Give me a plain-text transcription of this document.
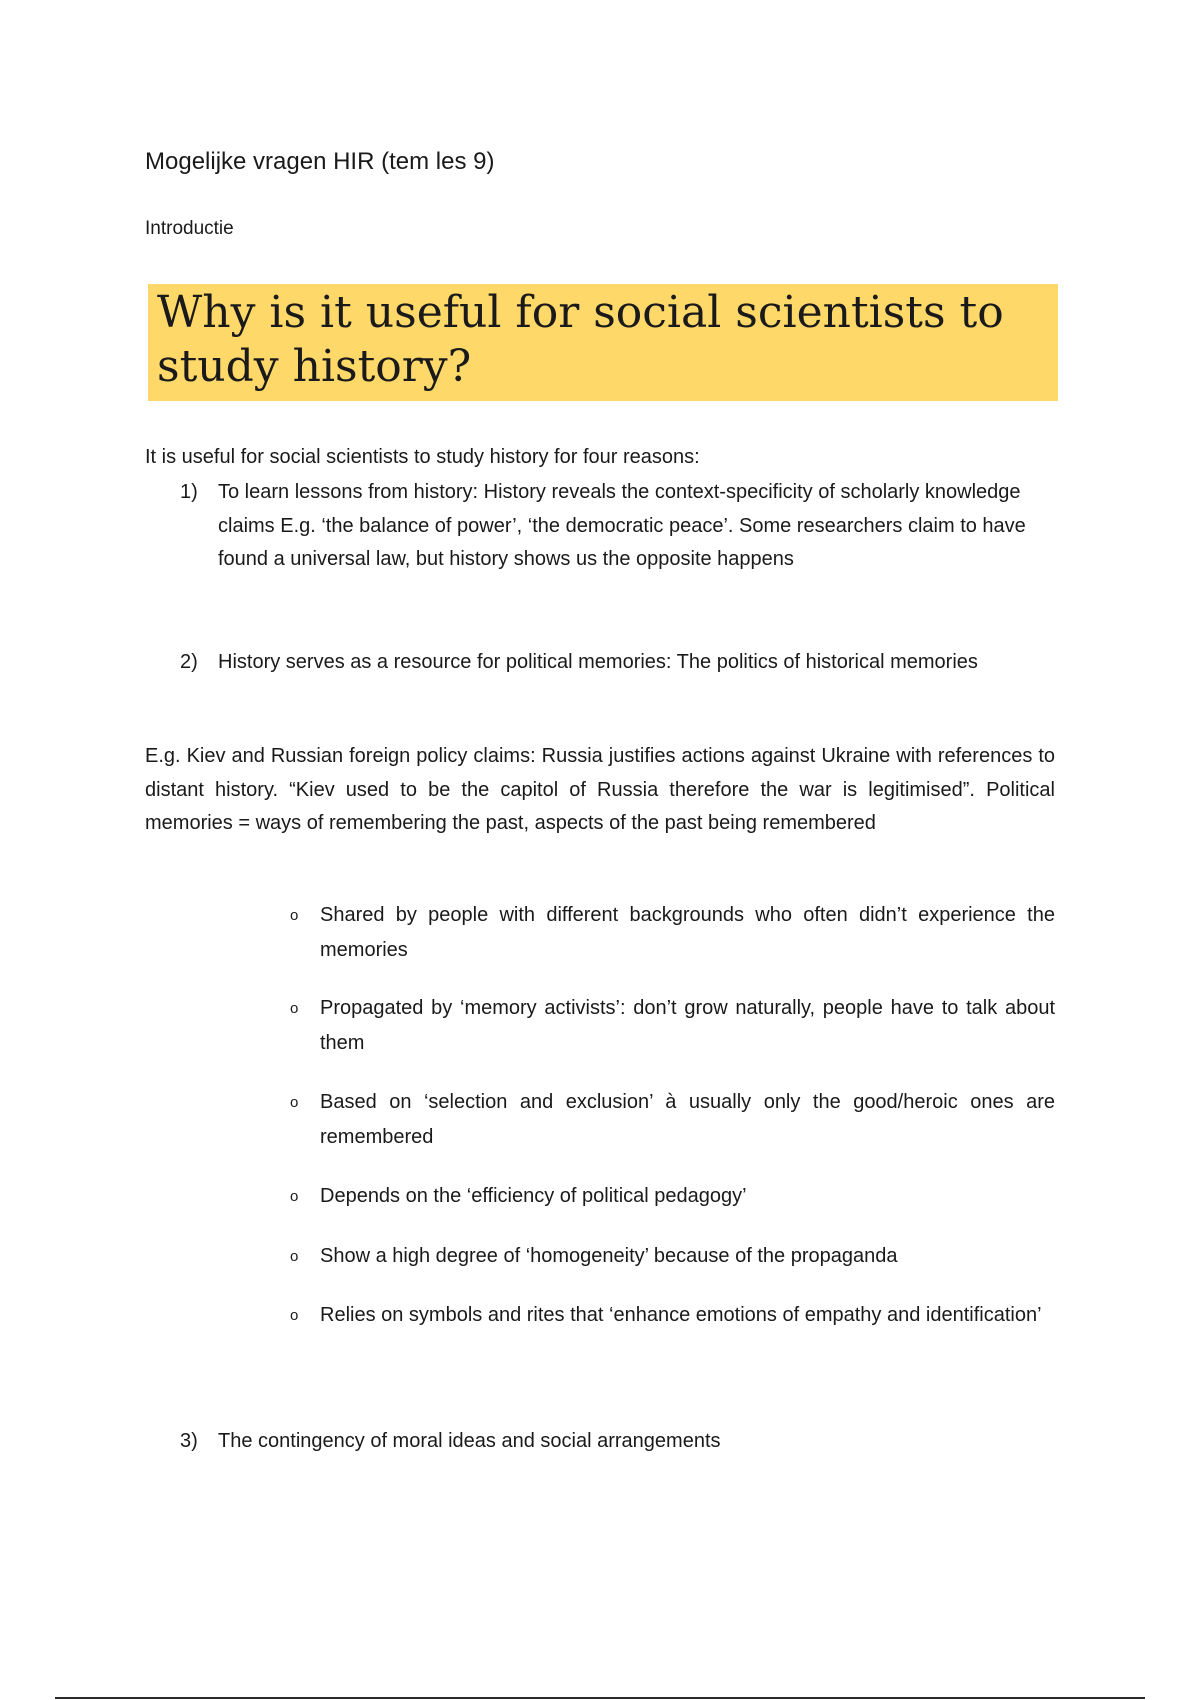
Mogelijke vragen HIR (tem les 9)

Introductie

Why is it useful for social scientists to study history?

It is useful for social scientists to study history for four reasons:

1)	To learn lessons from history: History reveals the context-specificity of scholarly knowledge claims E.g. ‘the balance of power’, ‘the democratic peace’. Some researchers claim to have found a universal law, but history shows us the opposite happens
2)	History serves as a resource for political memories: The politics of historical memories

E.g. Kiev and Russian foreign policy claims: Russia justifies actions against Ukraine with references to distant history. “Kiev used to be the capitol of Russia therefore the war is legitimised”. Political memories = ways of remembering the past, aspects of the past being remembered

o	Shared by people with different backgrounds who often didn’t experience the memories
o	Propagated by ‘memory activists’: don’t grow naturally, people have to talk about them
o	Based on ‘selection and exclusion’ à usually only the good/heroic ones are remembered
o	Depends on the ‘efficiency of political pedagogy’
o	Show a high degree of ‘homogeneity’ because of the propaganda
o	Relies on symbols and rites that ‘enhance emotions of empathy and identification’
3)	The contingency of moral ideas and social arrangements
